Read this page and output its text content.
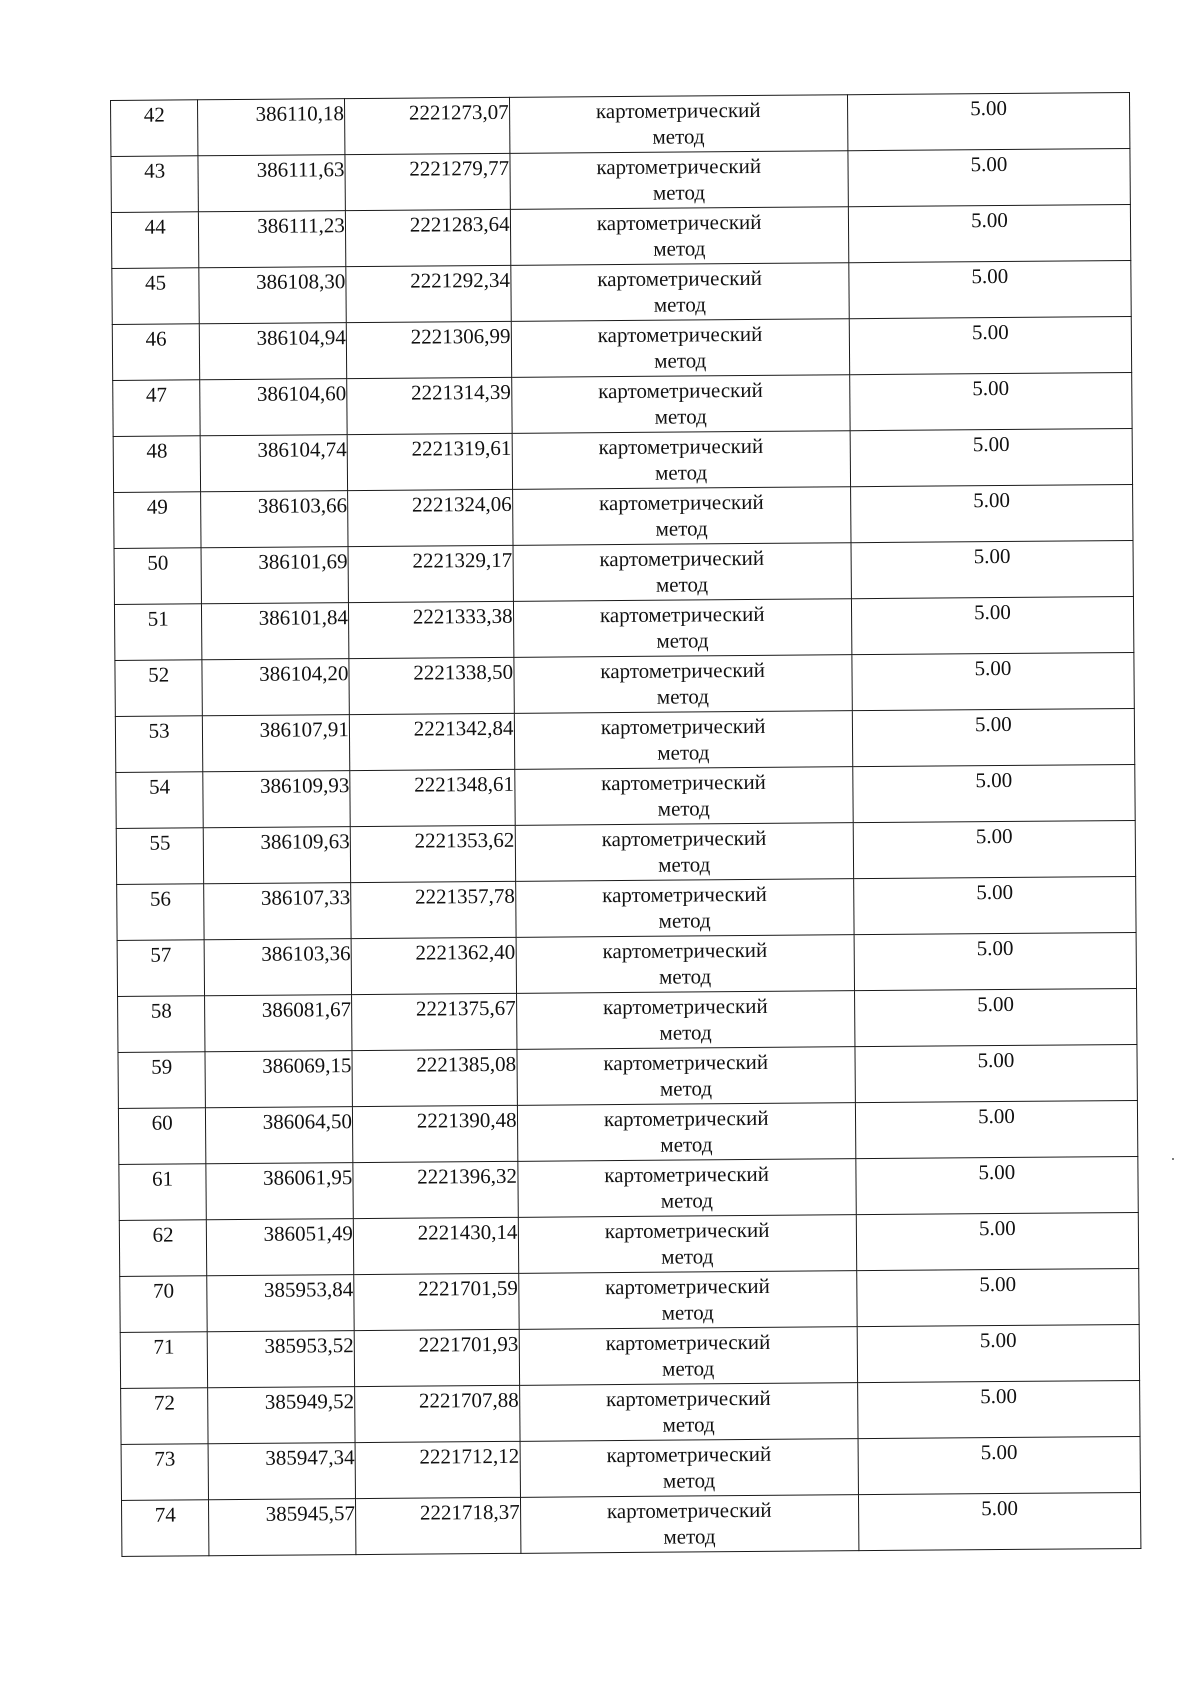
42	386110,18	2221273,07	картометрический
метод	5.00

43	386111,63	2221279,77	картометрический
метод	5.00

44	386111,23	2221283,64	картометрический
метод	5.00

45	386108,30	2221292,34	картометрический
метод	5.00

46	386104,94	2221306,99	картометрический
метод	5.00

47	386104,60	2221314,39	картометрический
метод	5.00

48	386104,74	2221319,61	картометрический
метод	5.00

49	386103,66	2221324,06	картометрический
метод	5.00

50	386101,69	2221329,17	картометрический
метод	5.00

51	386101,84	2221333,38	картометрический
метод	5.00

52	386104,20	2221338,50	картометрический
метод	5.00

53	386107,91	2221342,84	картометрический
метод	5.00

54	386109,93	2221348,61	картометрический
метод	5.00

55	386109,63	2221353,62	картометрический
метод	5.00

56	386107,33	2221357,78	картометрический
метод	5.00

57	386103,36	2221362,40	картометрический
метод	5.00

58	386081,67	2221375,67	картометрический
метод	5.00

59	386069,15	2221385,08	картометрический
метод	5.00

60	386064,50	2221390,48	картометрический
метод	5.00

61	386061,95	2221396,32	картометрический
метод	5.00

62	386051,49	2221430,14	картометрический
метод	5.00

70	385953,84	2221701,59	картометрический
метод	5.00

71	385953,52	2221701,93	картометрический
метод	5.00

72	385949,52	2221707,88	картометрический
метод	5.00

73	385947,34	2221712,12	картометрический
метод	5.00

74	385945,57	2221718,37	картометрический
метод	5.00
